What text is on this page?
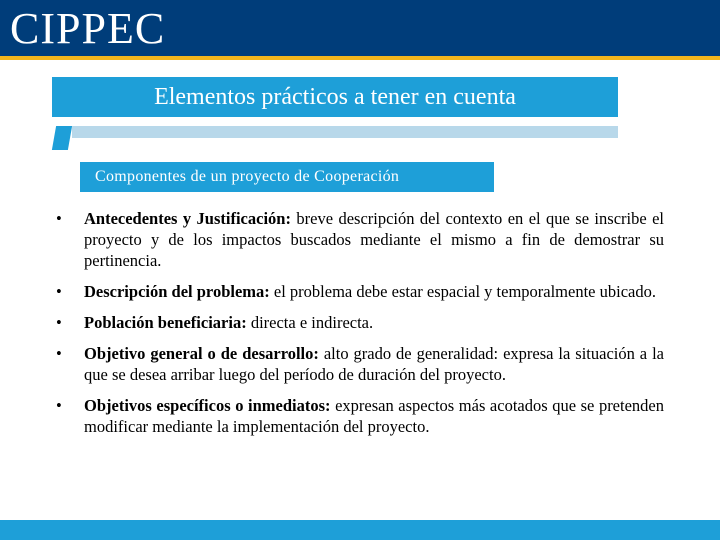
CIPPEC
Elementos prácticos a tener en cuenta
Componentes de un proyecto de Cooperación
• Antecedentes y Justificación: breve descripción del contexto en el que se inscribe el proyecto y de los impactos buscados mediante el mismo a fin de demostrar su pertinencia.
• Descripción del problema: el problema debe estar espacial y temporalmente ubicado.
• Población beneficiaria: directa e indirecta.
• Objetivo general o de desarrollo: alto grado de generalidad: expresa la situación a la que se desea arribar luego del período de duración del proyecto.
• Objetivos específicos o inmediatos: expresan aspectos más acotados que se pretenden modificar mediante la implementación del proyecto.
